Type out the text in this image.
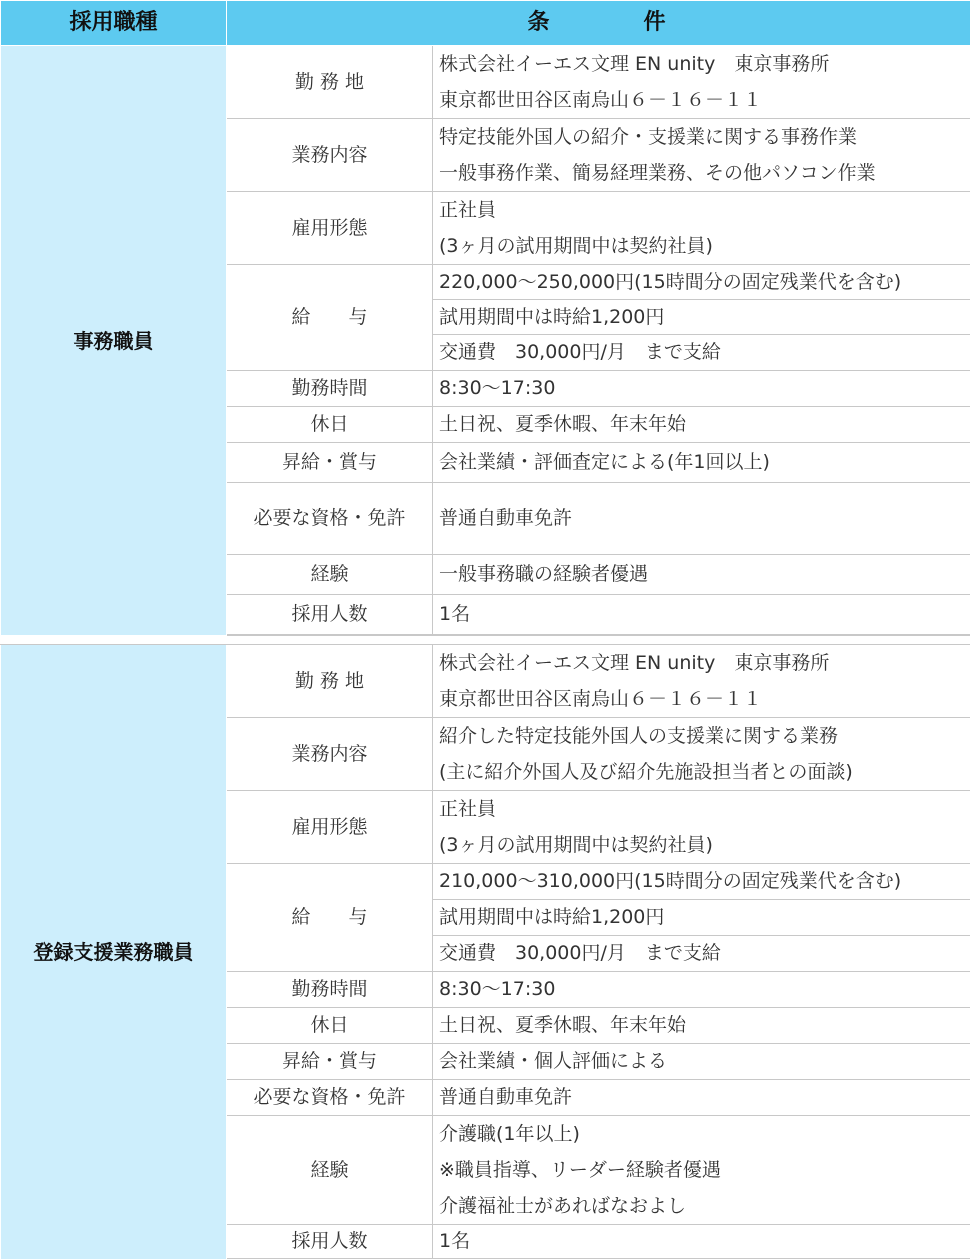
採用職種	条 件	
事務職員	勤 務 地	株式会社イーエス文理 EN unity　東京事務所
東京都世田谷区南烏山６－１６－１１

	業務内容	特定技能外国人の紹介・支援業に関する事務作業
一般事務作業、簡易経理業務、その他パソコン作業

	雇用形態	正社員
(3ヶ月の試用期間中は契約社員)

	給　　与	220,000～250,000円(15時間分の固定残業代を含む)
		試用期間中は時給1,200円
		交通費　30,000円/月　まで支給
	勤務時間	8:30～17:30
	休日	土日祝、夏季休暇、年末年始
	昇給・賞与	会社業績・評価査定による(年1回以上)
	必要な資格・免許	普通自動車免許
	経験	一般事務職の経験者優遇
	採用人数	1名

登録支援業務職員	勤 務 地	株式会社イーエス文理 EN unity　東京事務所
東京都世田谷区南烏山６－１６－１１

	業務内容	紹介した特定技能外国人の支援業に関する業務
(主に紹介外国人及び紹介先施設担当者との面談)

	雇用形態	正社員
(3ヶ月の試用期間中は契約社員)

	給　　与	210,000～310,000円(15時間分の固定残業代を含む)
		試用期間中は時給1,200円
		交通費　30,000円/月　まで支給
	勤務時間	8:30～17:30
	休日	土日祝、夏季休暇、年末年始
	昇給・賞与	会社業績・個人評価による
	必要な資格・免許	普通自動車免許
	経験	介護職(1年以上)
※職員指導、リーダー経験者優遇
介護福祉士があればなおよし

	採用人数	1名
